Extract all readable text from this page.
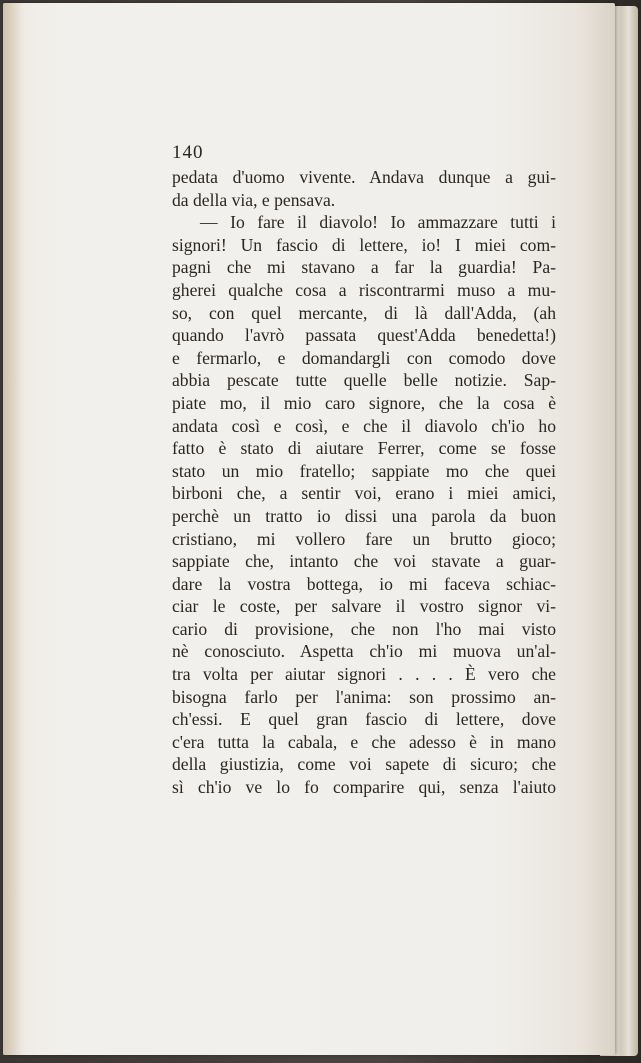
140
pedata d'uomo vivente. Andava dunque a gui-
da della via, e pensava.
— Io fare il diavolo! Io ammazzare tutti i
signori! Un fascio di lettere, io! I miei com-
pagni che mi stavano a far la guardia! Pa-
gherei qualche cosa a riscontrarmi muso a mu-
so, con quel mercante, di là dall'Adda, (ah
quando l'avrò passata quest'Adda benedetta!)
e fermarlo, e domandargli con comodo dove
abbia pescate tutte quelle belle notizie. Sap-
piate mo, il mio caro signore, che la cosa è
andata così e così, e che il diavolo ch'io ho
fatto è stato di aiutare Ferrer, come se fosse
stato un mio fratello; sappiate mo che quei
birboni che, a sentir voi, erano i miei amici,
perchè un tratto io dissi una parola da buon
cristiano, mi vollero fare un brutto gioco;
sappiate che, intanto che voi stavate a guar-
dare la vostra bottega, io mi faceva schiac-
ciar le coste, per salvare il vostro signor vi-
cario di provisione, che non l'ho mai visto
nè conosciuto. Aspetta ch'io mi muova un'al-
tra volta per aiutar signori . . . . È vero che
bisogna farlo per l'anima: son prossimo an-
ch'essi. E quel gran fascio di lettere, dove
c'era tutta la cabala, e che adesso è in mano
della giustizia, come voi sapete di sicuro; che
sì ch'io ve lo fo comparire qui, senza l'aiuto
